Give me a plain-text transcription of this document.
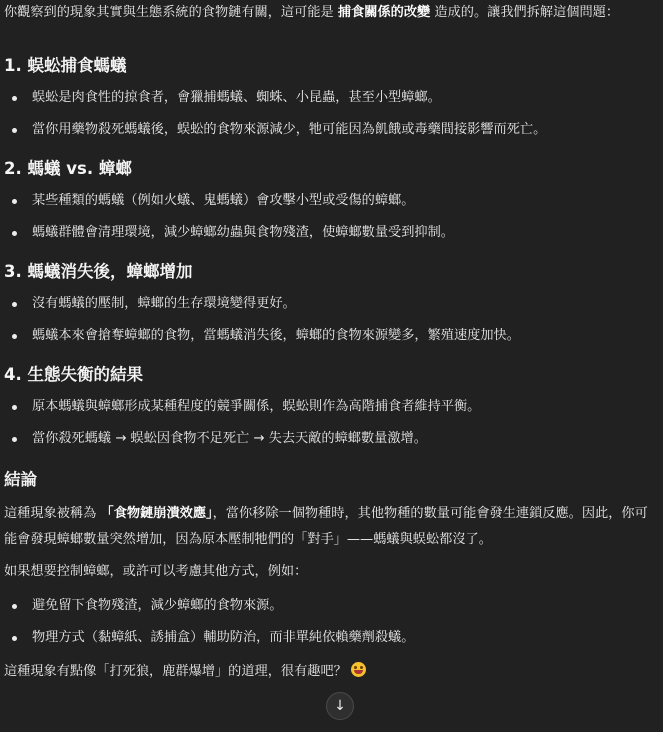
你觀察到的現象其實與生態系統的食物鏈有關，這可能是 捕食關係的改變 造成的。讓我們拆解這個問題：

1. 蜈蚣捕食螞蟻
蜈蚣是肉食性的掠食者，會獵捕螞蟻、蜘蛛、小昆蟲，甚至小型蟑螂。
當你用藥物殺死螞蟻後，蜈蚣的食物來源減少，牠可能因為飢餓或毒藥間接影響而死亡。
2. 螞蟻 vs. 蟑螂
某些種類的螞蟻（例如火蟻、鬼螞蟻）會攻擊小型或受傷的蟑螂。
螞蟻群體會清理環境，減少蟑螂幼蟲與食物殘渣，使蟑螂數量受到抑制。
3. 螞蟻消失後，蟑螂增加
沒有螞蟻的壓制，蟑螂的生存環境變得更好。
螞蟻本來會搶奪蟑螂的食物，當螞蟻消失後，蟑螂的食物來源變多，繁殖速度加快。
4. 生態失衡的結果
原本螞蟻與蟑螂形成某種程度的競爭關係，蜈蚣則作為高階捕食者維持平衡。
當你殺死螞蟻 → 蜈蚣因食物不足死亡 → 失去天敵的蟑螂數量激增。
結論

這種現象被稱為 「食物鏈崩潰效應」，當你移除一個物種時，其他物種的數量可能會發生連鎖反應。因此，你可能會發現蟑螂數量突然增加，因為原本壓制牠們的「對手」——螞蟻與蜈蚣都沒了。

如果想要控制蟑螂，或許可以考慮其他方式，例如：

避免留下食物殘渣，減少蟑螂的食物來源。
物理方式（黏蟑紙、誘捕盒）輔助防治，而非單純依賴藥劑殺蟻。

這種現象有點像「打死狼，鹿群爆增」的道理，很有趣吧？

↓
